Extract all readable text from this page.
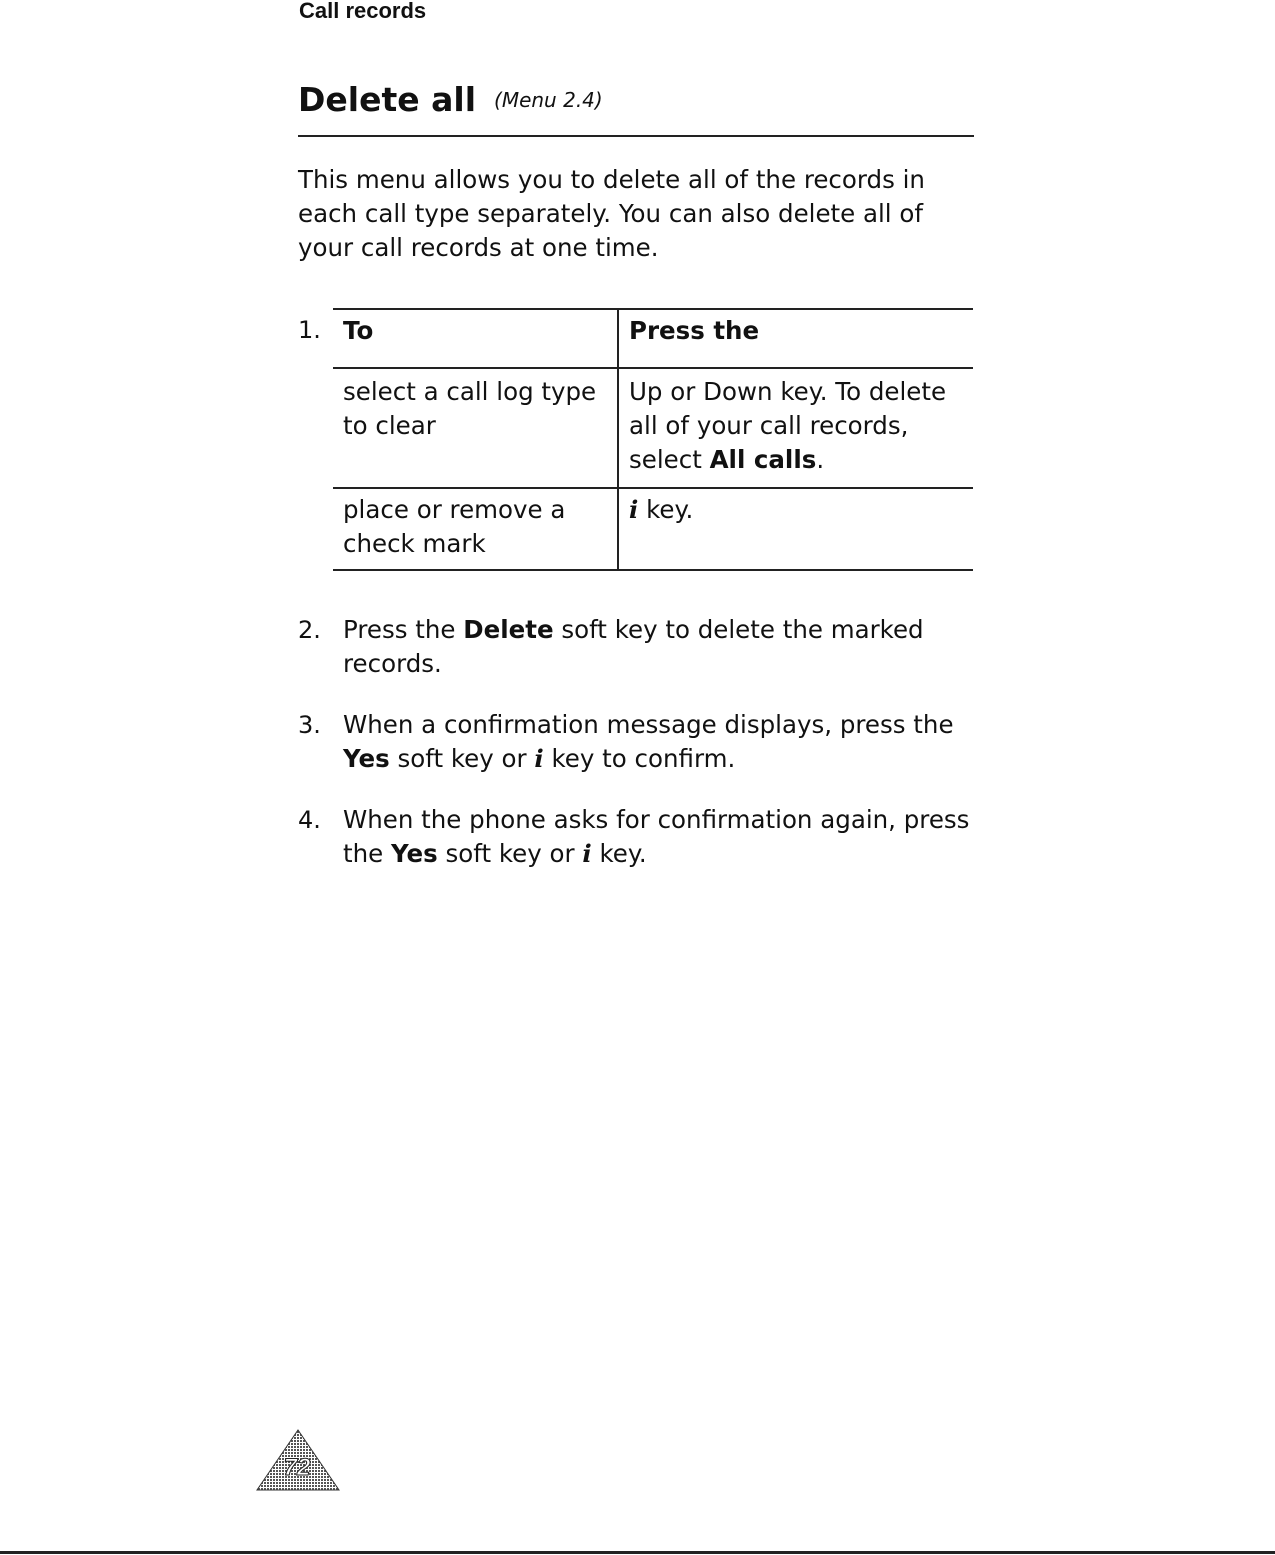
Call records
Delete all (Menu 2.4)

This menu allows you to delete all of the records in each call type separately. You can also delete all of your call records at one time.

1. To	Press the
select a call log type to clear	Up or Down key. To delete all of your call records, select All calls.
place or remove a check mark	i key.
2. Press the Delete soft key to delete the marked records.

3. When a confirmation message displays, press the Yes soft key or i key to confirm.

4. When the phone asks for confirmation again, press the Yes soft key or i key.

72
